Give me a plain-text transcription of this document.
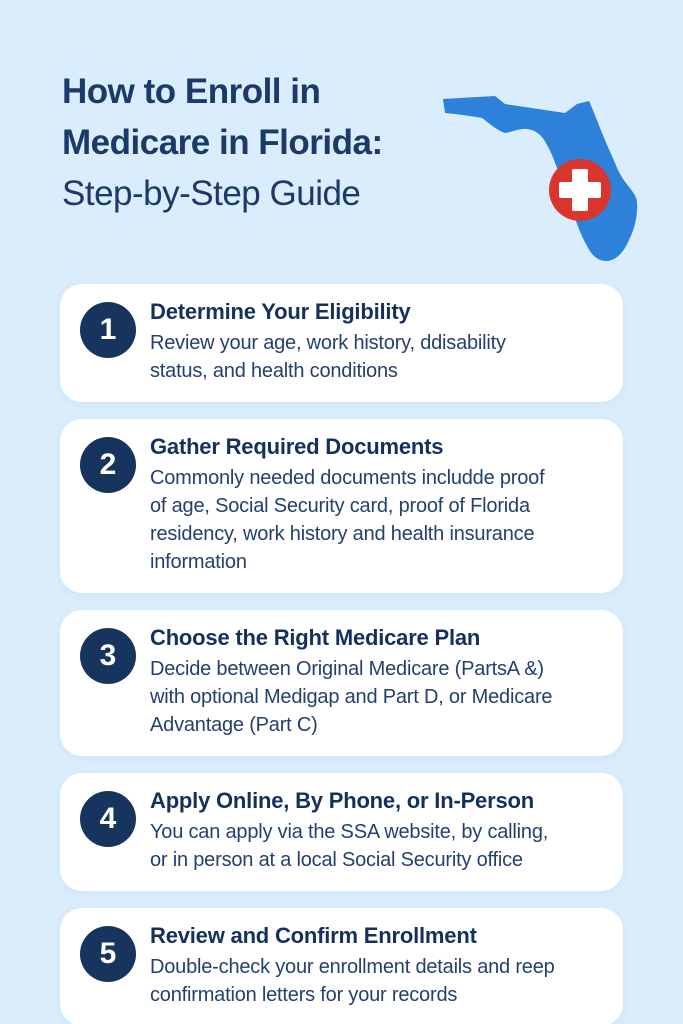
How to Enroll in
Medicare in Florida:
Step-by-Step Guide
1
Determine Your Eligibility
Review your age, work history, ddisability
status, and health conditions
2
Gather Required Documents
Commonly needed documents includde proof
of age, Social Security card, proof of Florida
residency, work history and health insurance
information
3
Choose the Right Medicare Plan
Decide between Original Medicare (PartsA &)
with optional Medigap and Part D, or Medicare
Advantage (Part C)
4
Apply Online, By Phone, or In-Person
You can apply via the SSA website, by calling,
or in person at a local Social Security office
5
Review and Confirm Enrollment
Double-check your enrollment details and reep
confirmation letters for your records
